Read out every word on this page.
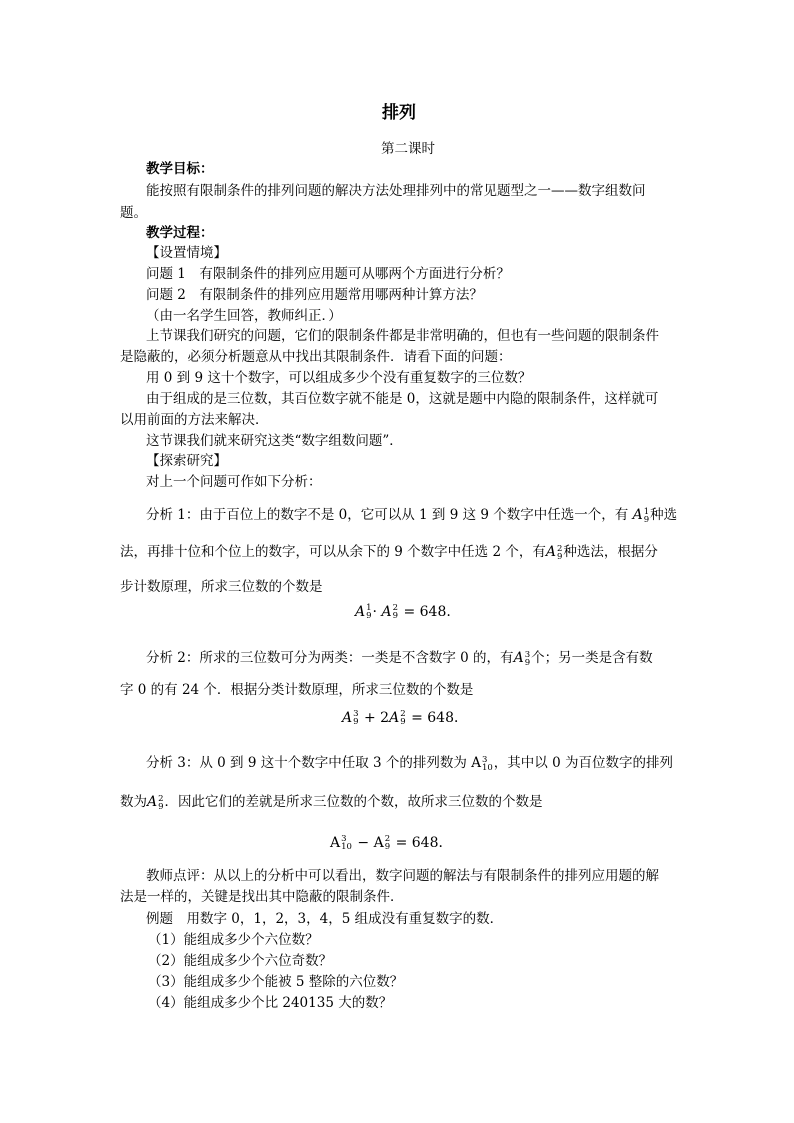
排列
第二课时
教学目标：
能按照有限制条件的排列问题的解决方法处理排列中的常见题型之一——数字组数问
题。
教学过程：
【设置情境】
问题 1　有限制条件的排列应用题可从哪两个方面进行分析？
问题 2　有限制条件的排列应用题常用哪两种计算方法？
（由一名学生回答，教师纠正．）
上节课我们研究的问题，它们的限制条件都是非常明确的，但也有一些问题的限制条件
是隐蔽的，必须分析题意从中找出其限制条件．请看下面的问题：
用 0 到 9 这十个数字，可以组成多少个没有重复数字的三位数？
由于组成的是三位数，其百位数字就不能是 0，这就是题中内隐的限制条件，这样就可
以用前面的方法来解决．
这节课我们就来研究这类“数字组数问题”．
【探索研究】
对上一个问题可作如下分析：
分析 1：由于百位上的数字不是 0，它可以从 1 到 9 这 9 个数字中任选一个，有 A 1
9 种选
法，再排十位和个位上的数字，可以从余下的 9 个数字中任选 2 个，有A 2
9 种选法，根据分
步计数原理，所求三位数的个数是
A 1
9 · A 2
9 = 648.
分析 2：所求的三位数可分为两类：一类是不含数字 0 的，有A 3
9 个；另一类是含有数
字 0 的有 24 个．根据分类计数原理，所求三位数的个数是
A 3
9 + 2A 2
9 = 648．
分析 3：从 0 到 9 这十个数字中任取 3 个的排列数为 A 3
10 ，其中以 0 为百位数字的排列
数为A 2
9 ．因此它们的差就是所求三位数的个数，故所求三位数的个数是
A 3
10 − A 2
9 = 648．
教师点评：从以上的分析中可以看出，数字问题的解法与有限制条件的排列应用题的解
法是一样的，关键是找出其中隐蔽的限制条件．
例题　用数字 0，1，2，3，4，5 组成没有重复数字的数．
（1）能组成多少个六位数？
（2）能组成多少个六位奇数？
（3）能组成多少个能被 5 整除的六位数？
（4）能组成多少个比 240135 大的数？
